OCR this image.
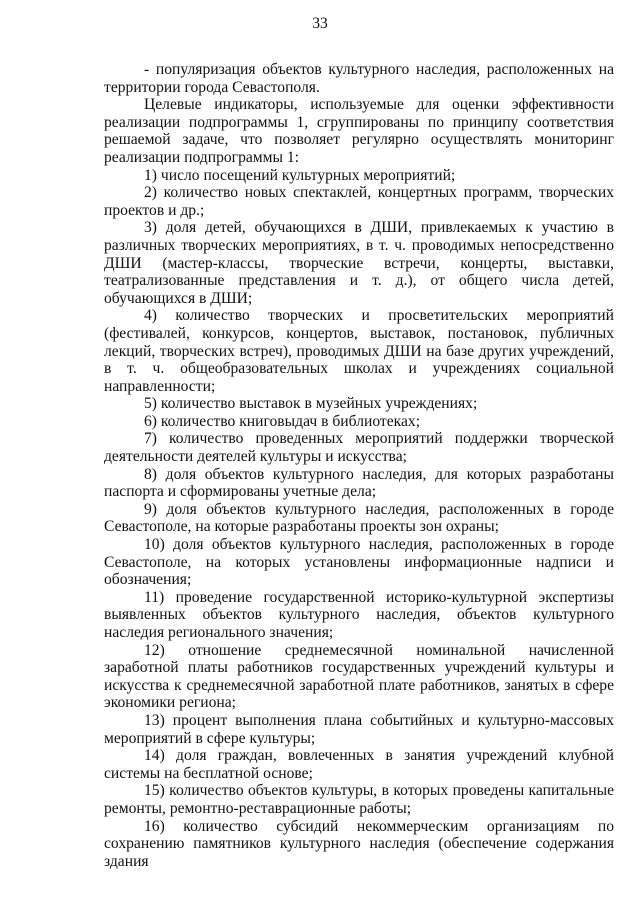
33

- популяризация объектов культурного наследия, расположенных на территории города Севастополя.

Целевые индикаторы, используемые для оценки эффективности реализации подпрограммы 1, сгруппированы по принципу соответствия решаемой задаче, что позволяет регулярно осуществлять мониторинг реализации подпрограммы 1:

1) число посещений культурных мероприятий;

2) количество новых спектаклей, концертных программ, творческих проектов и др.;

3) доля детей, обучающихся в ДШИ, привлекаемых к участию в различных творческих мероприятиях, в т. ч. проводимых непосредственно ДШИ (мастер-классы, творческие встречи, концерты, выставки, театрализованные представления и т. д.), от общего числа детей, обучающихся в ДШИ;

4) количество творческих и просветительских мероприятий (фестивалей, конкурсов, концертов, выставок, постановок, публичных лекций, творческих встреч), проводимых ДШИ на базе других учреждений, в т. ч. общеобразовательных школах и учреждениях социальной направленности;

5) количество выставок в музейных учреждениях;

6) количество книговыдач в библиотеках;

7) количество проведенных мероприятий поддержки творческой деятельности деятелей культуры и искусства;

8) доля объектов культурного наследия, для которых разработаны паспорта и сформированы учетные дела;

9) доля объектов культурного наследия, расположенных в городе Севастополе, на которые разработаны проекты зон охраны;

10) доля объектов культурного наследия, расположенных в городе Севастополе, на которых установлены информационные надписи и обозначения;

11) проведение государственной историко-культурной экспертизы выявленных объектов культурного наследия, объектов культурного наследия регионального значения;

12) отношение среднемесячной номинальной начисленной заработной платы работников государственных учреждений культуры и искусства к среднемесячной заработной плате работников, занятых в сфере экономики региона;

13) процент выполнения плана событийных и культурно-массовых мероприятий в сфере культуры;

14) доля граждан, вовлеченных в занятия учреждений клубной системы на бесплатной основе;

15) количество объектов культуры, в которых проведены капитальные ремонты, ремонтно-реставрационные работы;

16) количество субсидий некоммерческим организациям по сохранению памятников культурного наследия (обеспечение содержания здания
